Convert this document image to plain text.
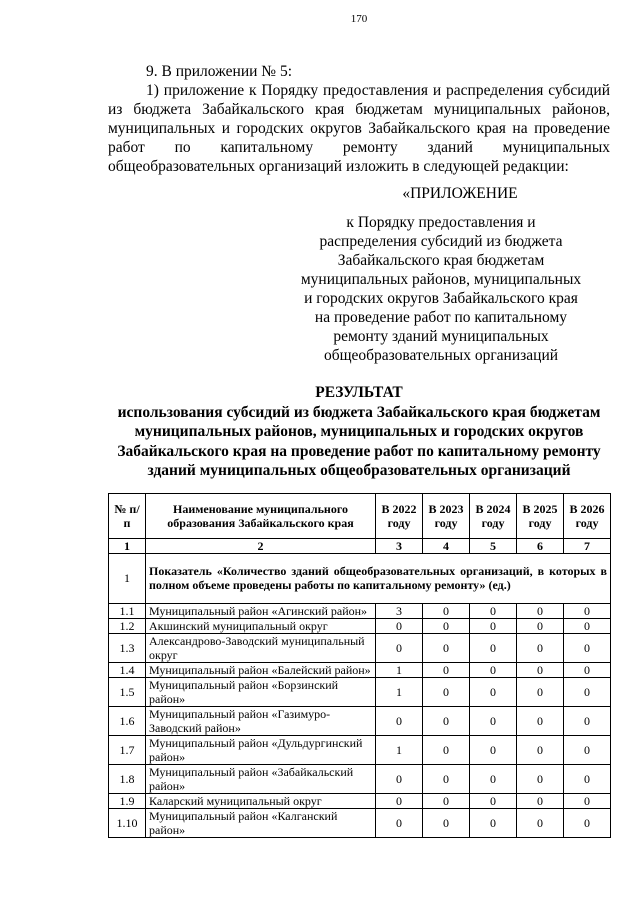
170
9. В приложении № 5:
1) приложение к Порядку предоставления и распределения субсидий из бюджета Забайкальского края бюджетам муниципальных районов, муниципальных и городских округов Забайкальского края на проведение работ по капитальному ремонту зданий муниципальных общеобразовательных организаций изложить в следующей редакции:
«ПРИЛОЖЕНИЕ
к Порядку предоставления и распределения субсидий из бюджета Забайкальского края бюджетам муниципальных районов, муниципальных и городских округов Забайкальского края на проведение работ по капитальному ремонту зданий муниципальных общеобразовательных организаций
РЕЗУЛЬТАТ
использования субсидий из бюджета Забайкальского края бюджетам муниципальных районов, муниципальных и городских округов Забайкальского края на проведение работ по капитальному ремонту зданий муниципальных общеобразовательных организаций
№ п/п	Наименование муниципального образования Забайкальского края	В 2022 году	В 2023 году	В 2024 году	В 2025 году	В 2026 году
1	2	3	4	5	6	7
1	Показатель «Количество зданий общеобразовательных организаций, в которых в полном объеме проведены работы по капитальному ремонту» (ед.)					
1.1	Муниципальный район «Агинский район»	3	0	0	0	0
1.2	Акшинский муниципальный округ	0	0	0	0	0
1.3	Александрово-Заводский муниципальный округ	0	0	0	0	0
1.4	Муниципальный район «Балейский район»	1	0	0	0	0
1.5	Муниципальный район «Борзинский район»	1	0	0	0	0
1.6	Муниципальный район «Газимуро-Заводский район»	0	0	0	0	0
1.7	Муниципальный район «Дульдургинский район»	1	0	0	0	0
1.8	Муниципальный район «Забайкальский район»	0	0	0	0	0
1.9	Каларский муниципальный округ	0	0	0	0	0
1.10	Муниципальный район «Калганский район»	0	0	0	0	0
